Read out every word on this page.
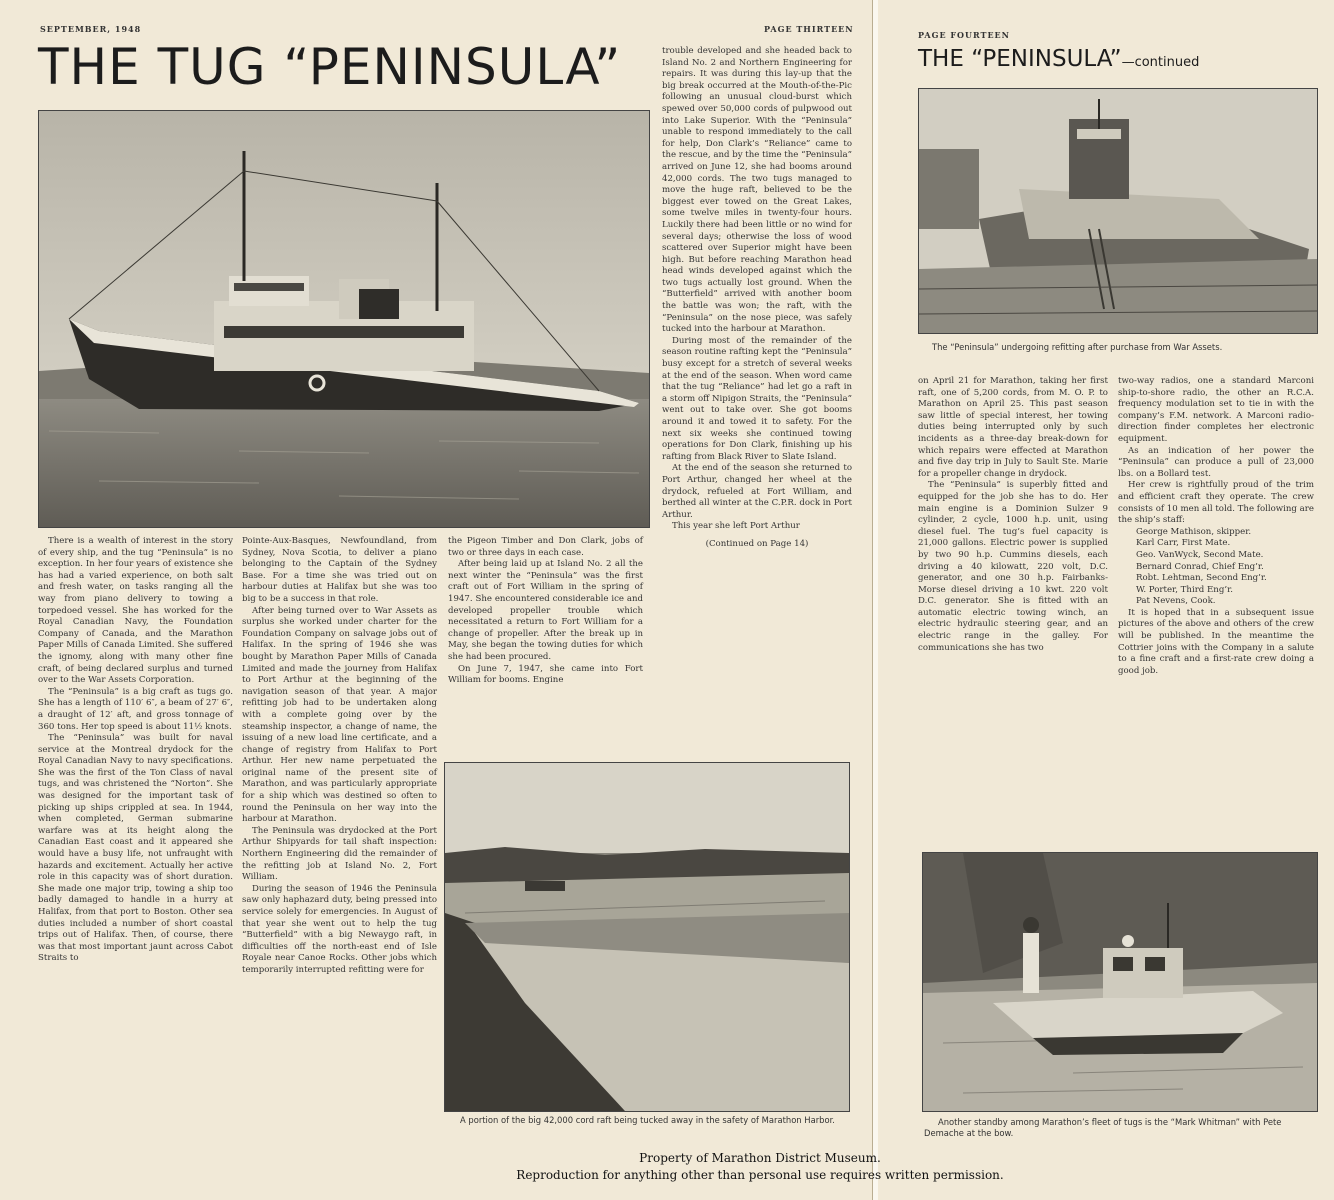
SEPTEMBER, 1948	PAGE THIRTEEN
THE TUG “PENINSULA”

There is a wealth of interest in the story of every ship, and the tug “Peninsula” is no exception. In her four years of existence she has had a varied experience, on both salt and fresh water, on tasks ranging all the way from piano delivery to towing a torpedoed vessel. She has worked for the Royal Canadian Navy, the Foundation Company of Canada, and the Marathon Paper Mills of Canada Limited. She suffered the ignomy, along with many other fine craft, of being declared surplus and turned over to the War Assets Corporation.

The “Peninsula” is a big craft as tugs go. She has a length of 110′ 6″, a beam of 27′ 6″, a draught of 12′ aft, and gross tonnage of 360 tons. Her top speed is about 11½ knots.

The “Peninsula” was built for naval service at the Montreal drydock for the Royal Canadian Navy to navy specifications. She was the first of the Ton Class of naval tugs, and was christened the “Norton”. She was designed for the important task of picking up ships crippled at sea. In 1944, when completed, German submarine warfare was at its height along the Canadian East coast and it appeared she would have a busy life, not unfraught with hazards and excitement. Actually her active role in this capacity was of short duration. She made one major trip, towing a ship too badly damaged to handle in a hurry at Halifax, from that port to Boston. Other sea duties included a number of short coastal trips out of Halifax. Then, of course, there was that most important jaunt across Cabot Straits to

Pointe-Aux-Basques, Newfoundland, from Sydney, Nova Scotia, to deliver a piano belonging to the Captain of the Sydney Base. For a time she was tried out on harbour duties at Halifax but she was too big to be a success in that role.

After being turned over to War Assets as surplus she worked under charter for the Foundation Company on salvage jobs out of Halifax. In the spring of 1946 she was bought by Marathon Paper Mills of Canada Limited and made the journey from Halifax to Port Arthur at the beginning of the navigation season of that year. A major refitting job had to be undertaken along with a complete going over by the steamship inspector, a change of name, the issuing of a new load line certificate, and a change of registry from Halifax to Port Arthur. Her new name perpetuated the original name of the present site of Marathon, and was particularly appropriate for a ship which was destined so often to round the Peninsula on her way into the harbour at Marathon.

The Peninsula was drydocked at the Port Arthur Shipyards for tail shaft inspection: Northern Engineering did the remainder of the refitting job at Island No. 2, Fort William.

During the season of 1946 the Peninsula saw only haphazard duty, being pressed into service solely for emergencies. In August of that year she went out to help the tug “Butterfield” with a big Newaygo raft, in difficulties off the north-east end of Isle Royale near Canoe Rocks. Other jobs which temporarily interrupted refitting were for

the Pigeon Timber and Don Clark, jobs of two or three days in each case.

After being laid up at Island No. 2 all the next winter the “Peninsula” was the first craft out of Fort William in the spring of 1947. She encountered considerable ice and developed propeller trouble which necessitated a return to Fort William for a change of propeller. After the break up in May, she began the towing duties for which she had been procured.

On June 7, 1947, she came into Fort William for booms. Engine

trouble developed and she headed back to Island No. 2 and Northern Engineering for repairs. It was during this lay-up that the big break occurred at the Mouth-of-the-Pic following an unusual cloud-burst which spewed over 50,000 cords of pulpwood out into Lake Superior. With the “Peninsula” unable to respond immediately to the call for help, Don Clark’s “Reliance” came to the rescue, and by the time the “Peninsula” arrived on June 12, she had booms around 42,000 cords. The two tugs managed to move the huge raft, believed to be the biggest ever towed on the Great Lakes, some twelve miles in twenty-four hours. Luckily there had been little or no wind for several days; otherwise the loss of wood scattered over Superior might have been high. But before reaching Marathon head head winds developed against which the two tugs actually lost ground. When the “Butterfield” arrived with another boom the battle was won; the raft, with the “Peninsula” on the nose piece, was safely tucked into the harbour at Marathon.

During most of the remainder of the season routine rafting kept the “Peninsula” busy except for a stretch of several weeks at the end of the season. When word came that the tug “Reliance” had let go a raft in a storm off Nipigon Straits, the “Peninsula” went out to take over. She got booms around it and towed it to safety. For the next six weeks she continued towing operations for Don Clark, finishing up his rafting from Black River to Slate Island.

At the end of the season she returned to Port Arthur, changed her wheel at the drydock, refueled at Fort William, and berthed all winter at the C.P.R. dock in Port Arthur.

This year she left Port Arthur

(Continued on Page 14)

A portion of the big 42,000 cord raft being tucked away in the safety of Marathon Harbor.
PAGE FOURTEEN
THE “PENINSULA”—continued
The “Peninsula” undergoing refitting after purchase from War Assets.

on April 21 for Marathon, taking her first raft, one of 5,200 cords, from M. O. P. to Marathon on April 25. This past season saw little of special interest, her towing duties being interrupted only by such incidents as a three-day break-down for which repairs were effected at Marathon and five day trip in July to Sault Ste. Marie for a propeller change in drydock.

The “Peninsula” is superbly fitted and equipped for the job she has to do. Her main engine is a Dominion Sulzer 9 cylinder, 2 cycle, 1000 h.p. unit, using diesel fuel. The tug’s fuel capacity is 21,000 gallons. Electric power is supplied by two 90 h.p. Cummins diesels, each driving a 40 kilowatt, 220 volt, D.C. generator, and one 30 h.p. Fairbanks-Morse diesel driving a 10 kwt. 220 volt D.C. generator. She is fitted with an automatic electric towing winch, an electric hydraulic steering gear, and an electric range in the galley. For communications she has two

two-way radios, one a standard Marconi ship-to-shore radio, the other an R.C.A. frequency modulation set to tie in with the company’s F.M. network. A Marconi radio-direction finder completes her electronic equipment.

As an indication of her power the “Peninsula” can produce a pull of 23,000 lbs. on a Bollard test.

Her crew is rightfully proud of the trim and efficient craft they operate. The crew consists of 10 men all told. The following are the ship’s staff:

George Mathison, skipper.

Karl Carr, First Mate.

Geo. VanWyck, Second Mate.

Bernard Conrad, Chief Eng’r.

Robt. Lehtman, Second Eng’r.

W. Porter, Third Eng’r.

Pat Nevens, Cook.

It is hoped that in a subsequent issue pictures of the above and others of the crew will be published. In the meantime the Cottrier joins with the Company in a salute to a fine craft and a first-rate crew doing a good job.

Another standby among Marathon’s fleet of tugs is the “Mark Whitman” with Pete Demache at the bow.
Property of Marathon District Museum.
Reproduction for anything other than personal use requires written permission.
